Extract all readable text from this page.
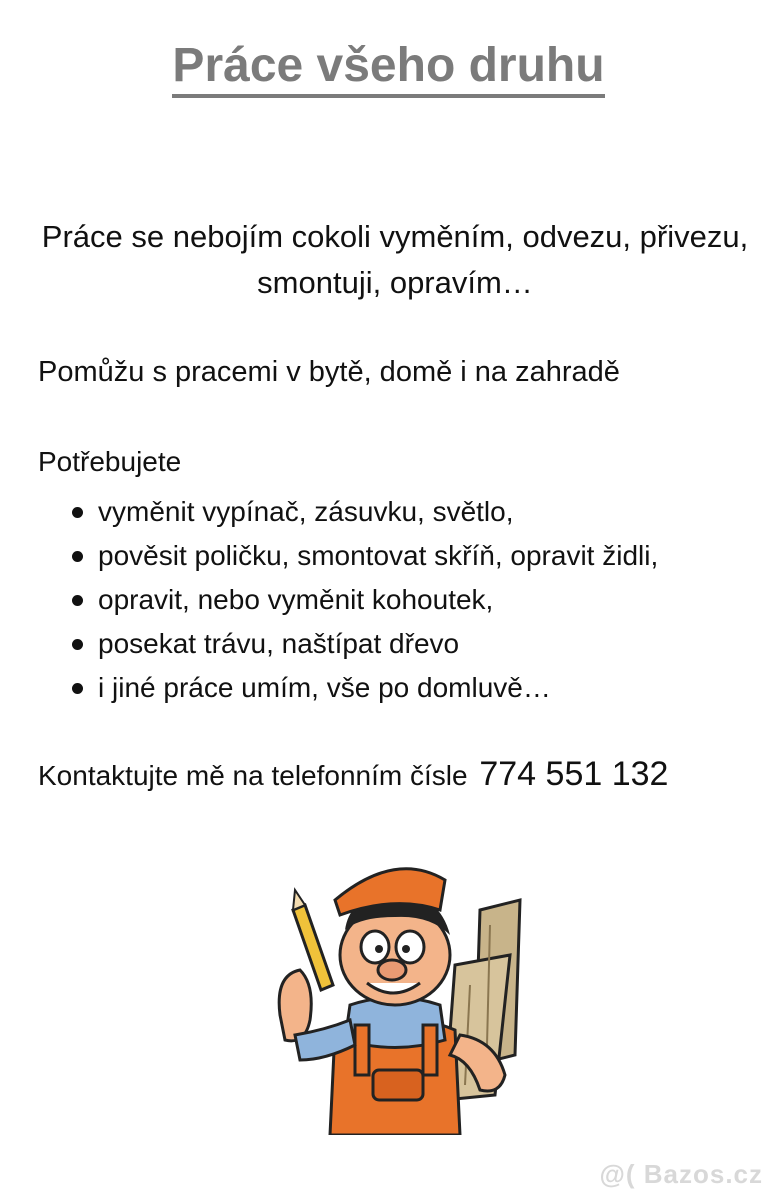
Práce všeho druhu
Práce se nebojím cokoli vyměním, odvezu, přivezu, smontuji, opravím…
Pomůžu s pracemi v bytě, domě i na zahradě
Potřebujete
vyměnit vypínač, zásuvku, světlo,
pověsit poličku, smontovat skříň, opravit židli,
opravit, nebo vyměnit kohoutek,
posekat trávu, naštípat dřevo
i jiné práce umím, vše po domluvě…
Kontaktujte mě na telefonním čísle 774 551 132
@( Bazos.cz
